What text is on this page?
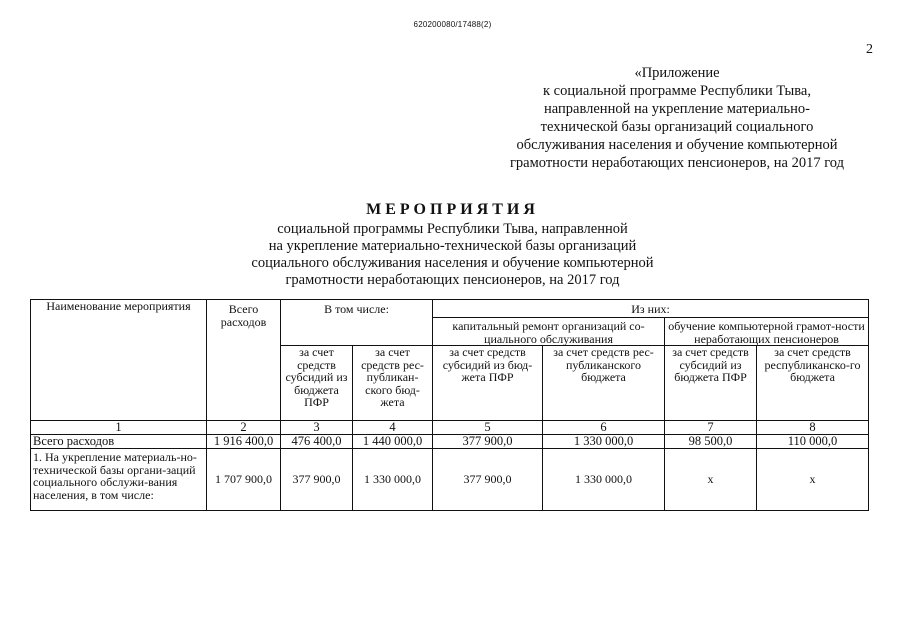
620200080/17488(2)
2
«Приложение
к социальной программе Республики Тыва,
направленной на укрепление материально-
технической базы организаций социального
обслуживания населения и обучение компьютерной
грамотности неработающих пенсионеров, на 2017 год
МЕРОПРИЯТИЯ
социальной программы Республики Тыва, направленной
на укрепление материально-технической базы организаций
социального обслуживания населения и обучение компьютерной
грамотности неработающих пенсионеров, на 2017 год
Наименование мероприятия	Всего расходов	В том числе:		Из них:			
				капитальный ремонт организаций со-циального обслуживания		обучение компьютерной грамот-ности неработающих пенсионеров	
		за счет средств субсидий из бюджета ПФР	за счет средств рес-публикан-ского бюд-жета	за счет средств субсидий из бюд-жета ПФР	за счет средств рес-публиканского бюджета	за счет средств субсидий из бюджета ПФР	за счет средств республиканско-го бюджета
1	2	3	4	5	6	7	8
Всего расходов	1 916 400,0	476 400,0	1 440 000,0	377 900,0	1 330 000,0	98 500,0	110 000,0
1. На укрепление материаль-но-технической базы органи-заций социального обслужи-вания населения, в том числе:	1 707 900,0	377 900,0	1 330 000,0	377 900,0	1 330 000,0	х	х
